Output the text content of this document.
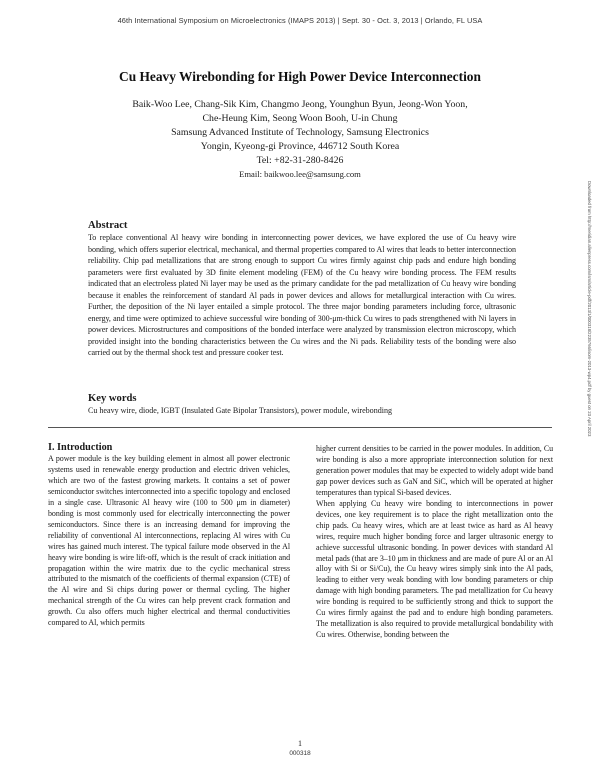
46th International Symposium on Microelectronics (IMAPS 2013) | Sept. 30 - Oct. 3, 2013 | Orlando, FL USA
Cu Heavy Wirebonding for High Power Device Interconnection
Baik-Woo Lee, Chang-Sik Kim, Changmo Jeong, Younghun Byun, Jeong-Won Yoon,
Che-Heung Kim, Seong Woon Booh, U-in Chung
Samsung Advanced Institute of Technology, Samsung Electronics
Yongin, Kyeong-gi Province, 446712 South Korea
Tel: +82-31-280-8426
Email: baikwoo.lee@samsung.com
Downloaded from http://meridian.allenpress.com/ism/article-pdf/2013/1/000318/2235766/isom-2013-wp4.pdf by guest on 23 April 2023
Abstract

To replace conventional Al heavy wire bonding in interconnecting power devices, we have explored the use of Cu heavy wire bonding, which offers superior electrical, mechanical, and thermal properties compared to Al wires that leads to better interconnection reliability. Chip pad metallizations that are strong enough to support Cu wires firmly against chip pads and endure high bonding parameters were first evaluated by 3D finite element modeling (FEM) of the Cu heavy wire bonding process. The FEM results indicated that an electroless plated Ni layer may be used as the primary candidate for the pad metallization of Cu heavy wire bonding because it enables the reinforcement of standard Al pads in power devices and allows for metallurgical interaction with Cu wires. Further, the deposition of the Ni layer entailed a simple protocol. The three major bonding parameters including force, ultrasonic energy, and time were optimized to achieve successful wire bonding of 300-μm-thick Cu wires to pads strengthened with Ni layers in power devices. Microstructures and compositions of the bonded interface were analyzed by transmission electron microscopy, which provided insight into the bonding characteristics between the Cu wires and the Ni pads. Reliability tests of the bonding were also carried out by the thermal shock test and pressure cooker test.

Key words

Cu heavy wire, diode, IGBT (Insulated Gate Bipolar Transistors), power module, wirebonding

I. Introduction

A power module is the key building element in almost all power electronic systems used in renewable energy production and electric driven vehicles, which are two of the fastest growing markets. It contains a set of power semiconductor switches interconnected into a specific topology and enclosed in a single case. Ultrasonic Al heavy wire (100 to 500 μm in diameter) bonding is most commonly used for electrically interconnecting the power semiconductors. Since there is an increasing demand for improving the reliability of conventional Al interconnections, replacing Al wires with Cu wires has gained much interest. The typical failure mode observed in the Al heavy wire bonding is wire lift-off, which is the result of crack initiation and propagation within the wire matrix due to the cyclic mechanical stress attributed to the mismatch of the coefficients of thermal expansion (CTE) of the Al wire and Si chips during power or thermal cycling. The higher mechanical strength of the Cu wires can help prevent crack formation and growth. Cu also offers much higher electrical and thermal conductivities compared to Al, which permits

higher current densities to be carried in the power modules. In addition, Cu wire bonding is also a more appropriate interconnection solution for next generation power modules that may be expected to widely adopt wide band gap power devices such as GaN and SiC, which will be operated at higher temperatures than typical Si-based devices.

When applying Cu heavy wire bonding to interconnections in power devices, one key requirement is to place the right metallization onto the chip pads. Cu heavy wires, which are at least twice as hard as Al heavy wires, require much higher bonding force and larger ultrasonic energy to achieve successful ultrasonic bonding. In power devices with standard Al metal pads (that are 3–10 μm in thickness and are made of pure Al or an Al alloy with Si or Si/Cu), the Cu heavy wires simply sink into the Al pads, leading to either very weak bonding with low bonding parameters or chip damage with high bonding parameters. The pad metallization for Cu heavy wire bonding is required to be sufficiently strong and thick to support the Cu wires firmly against the pad and to endure high bonding parameters. The metallization is also required to provide metallurgical bondability with Cu wires. Otherwise, bonding between the

1
000318
